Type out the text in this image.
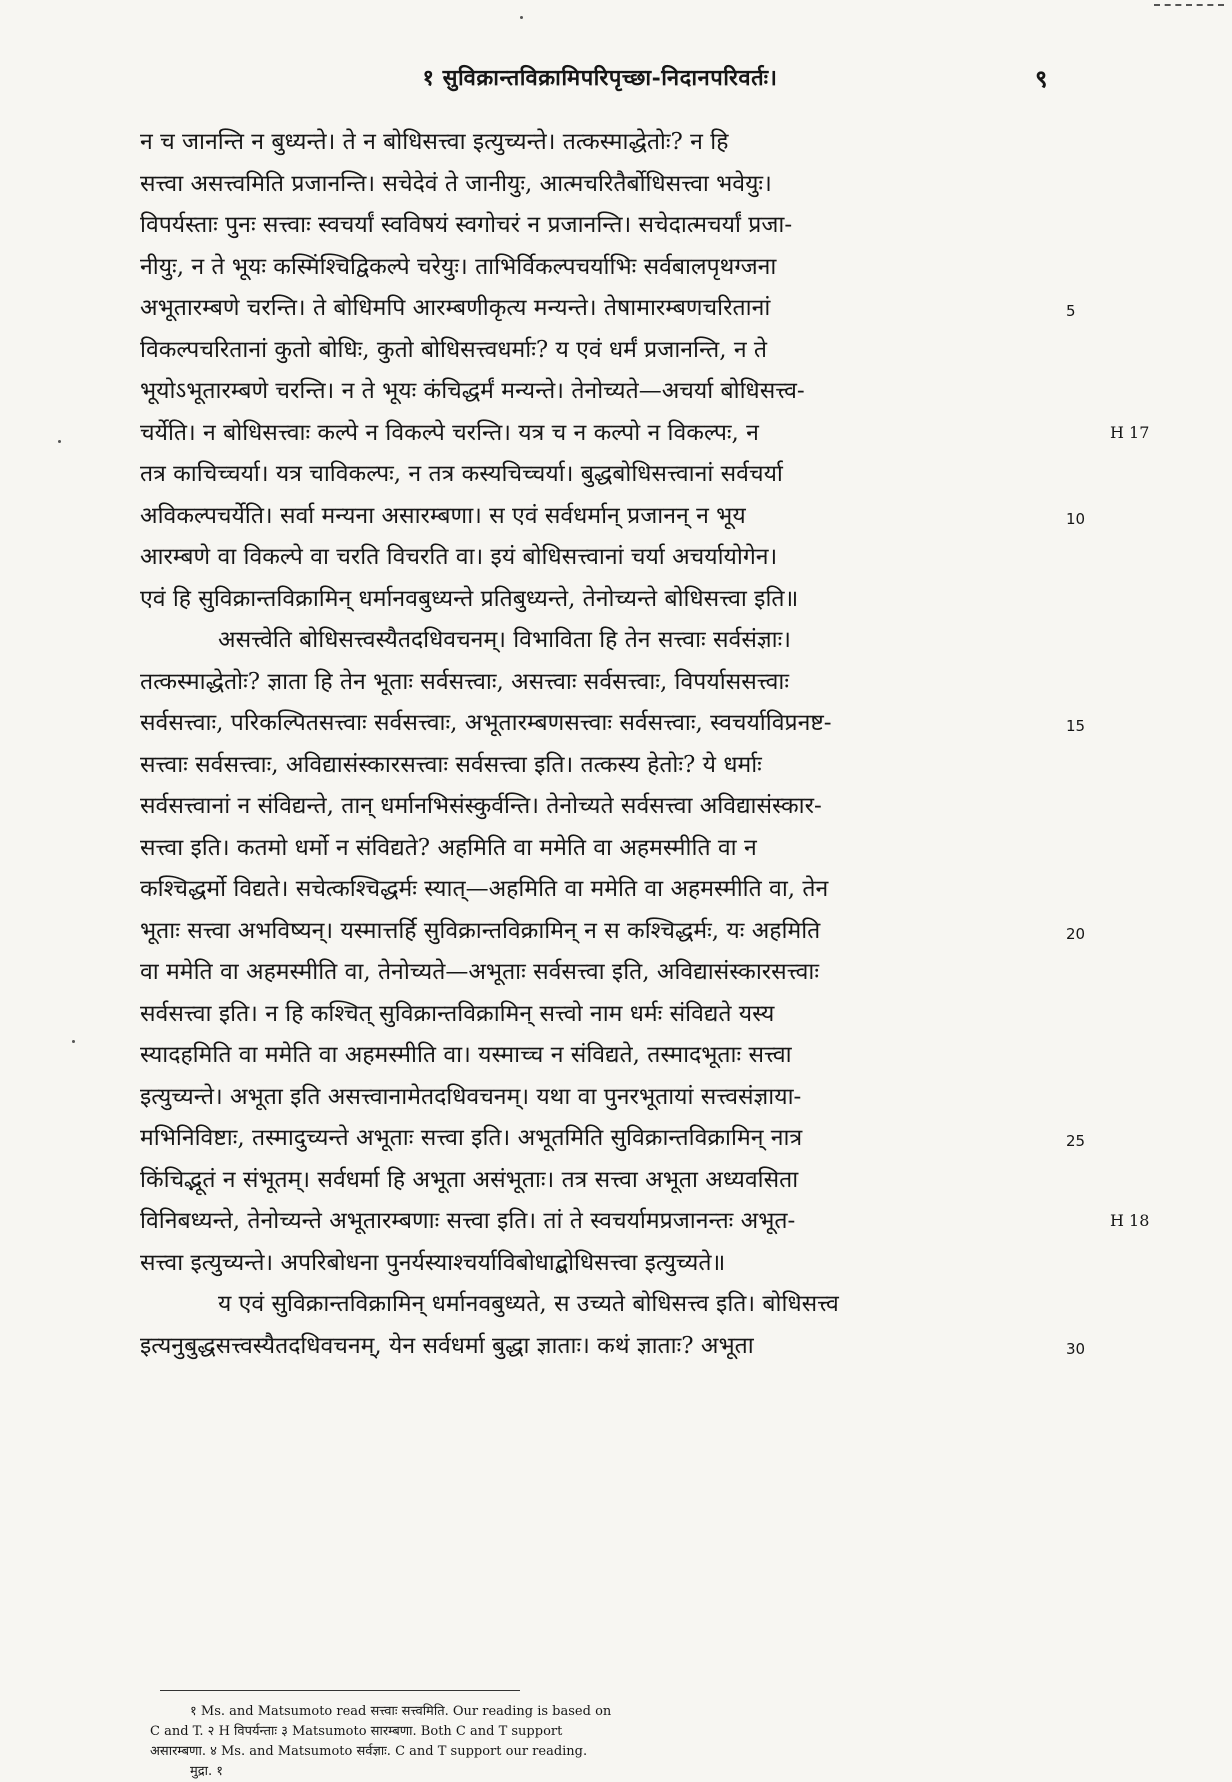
१ सुविक्रान्तविक्रामिपरिपृच्छा-निदानपरिवर्तः।	९
न च जानन्ति न बुध्यन्ते। ते न बोधिसत्त्वा इत्युच्यन्ते। तत्कस्माद्धेतोः? न हि
सत्त्वा असत्त्वमिति प्रजानन्ति। सचेदेवं ते जानीयुः, आत्मचरितैर्बोधिसत्त्वा भवेयुः।
विपर्यस्ताः पुनः सत्त्वाः स्वचर्यां स्वविषयं स्वगोचरं न प्रजानन्ति। सचेदात्मचर्यां प्रजा-
नीयुः, न ते भूयः कस्मिंश्चिद्विकल्पे चरेयुः। ताभिर्विकल्पचर्याभिः सर्वबालपृथग्जना
अभूतारम्बणे चरन्ति। ते बोधिमपि आरम्बणीकृत्य मन्यन्ते। तेषामारम्बणचरितानां
विकल्पचरितानां कुतो बोधिः, कुतो बोधिसत्त्वधर्माः? य एवं धर्मं प्रजानन्ति, न ते
भूयोऽभूतारम्बणे चरन्ति। न ते भूयः कंचिद्धर्मं मन्यन्ते। तेनोच्यते—अचर्या बोधिसत्त्व-
चर्येति। न बोधिसत्त्वाः कल्पे न विकल्पे चरन्ति। यत्र च न कल्पो न विकल्पः, न
तत्र काचिच्चर्या। यत्र चाविकल्पः, न तत्र कस्यचिच्चर्या। बुद्धबोधिसत्त्वानां सर्वचर्या
अविकल्पचर्येति। सर्वा मन्यना असारम्बणा। स एवं सर्वधर्मान् प्रजानन् न भूय
आरम्बणे वा विकल्पे वा चरति विचरति वा। इयं बोधिसत्त्वानां चर्या अचर्यायोगेन।
एवं हि सुविक्रान्तविक्रामिन् धर्मानवबुध्यन्ते प्रतिबुध्यन्ते, तेनोच्यन्ते बोधिसत्त्वा इति॥
असत्त्वेति बोधिसत्त्वस्यैतदधिवचनम्। विभाविता हि तेन सत्त्वाः सर्वसंज्ञाः।
तत्कस्माद्धेतोः? ज्ञाता हि तेन भूताः सर्वसत्त्वाः, असत्त्वाः सर्वसत्त्वाः, विपर्याससत्त्वाः
सर्वसत्त्वाः, परिकल्पितसत्त्वाः सर्वसत्त्वाः, अभूतारम्बणसत्त्वाः सर्वसत्त्वाः, स्वचर्याविप्रनष्ट-
सत्त्वाः सर्वसत्त्वाः, अविद्यासंस्कारसत्त्वाः सर्वसत्त्वा इति। तत्कस्य हेतोः? ये धर्माः
सर्वसत्त्वानां न संविद्यन्ते, तान् धर्मानभिसंस्कुर्वन्ति। तेनोच्यते सर्वसत्त्वा अविद्यासंस्कार-
सत्त्वा इति। कतमो धर्मो न संविद्यते? अहमिति वा ममेति वा अहमस्मीति वा न
कश्चिद्धर्मो विद्यते। सचेत्कश्चिद्धर्मः स्यात्—अहमिति वा ममेति वा अहमस्मीति वा, तेन
भूताः सत्त्वा अभविष्यन्। यस्मात्तर्हि सुविक्रान्तविक्रामिन् न स कश्चिद्धर्मः, यः अहमिति
वा ममेति वा अहमस्मीति वा, तेनोच्यते—अभूताः सर्वसत्त्वा इति, अविद्यासंस्कारसत्त्वाः
सर्वसत्त्वा इति। न हि कश्चित् सुविक्रान्तविक्रामिन् सत्त्वो नाम धर्मः संविद्यते यस्य
स्यादहमिति वा ममेति वा अहमस्मीति वा। यस्माच्च न संविद्यते, तस्मादभूताः सत्त्वा
इत्युच्यन्ते। अभूता इति असत्त्वानामेतदधिवचनम्। यथा वा पुनरभूतायां सत्त्वसंज्ञाया-
मभिनिविष्टाः, तस्मादुच्यन्ते अभूताः सत्त्वा इति। अभूतमिति सुविक्रान्तविक्रामिन् नात्र
किंचिद्भूतं न संभूतम्। सर्वधर्मा हि अभूता असंभूताः। तत्र सत्त्वा अभूता अध्यवसिता
विनिबध्यन्ते, तेनोच्यन्ते अभूतारम्बणाः सत्त्वा इति। तां ते स्वचर्यामप्रजानन्तः अभूत-
सत्त्वा इत्युच्यन्ते। अपरिबोधना पुनर्यस्याश्चर्याविबोधाद्बोधिसत्त्वा इत्युच्यते॥
य एवं सुविक्रान्तविक्रामिन् धर्मानवबुध्यते, स उच्यते बोधिसत्त्व इति। बोधिसत्त्व
इत्यनुबुद्धसत्त्वस्यैतदधिवचनम्, येन सर्वधर्मा बुद्धा ज्ञाताः। कथं ज्ञाताः? अभूता
5
H 17
10
15
20
25
H 18
30
१ Ms. and Matsumoto read सत्त्वाः सत्त्वमिति. Our reading is based on
C and T. २ H विपर्यन्ताः ३ Matsumoto सारम्बणा. Both C and T support
असारम्बणा. ४ Ms. and Matsumoto सर्वज्ञाः. C and T support our reading.
मुद्रा. १
